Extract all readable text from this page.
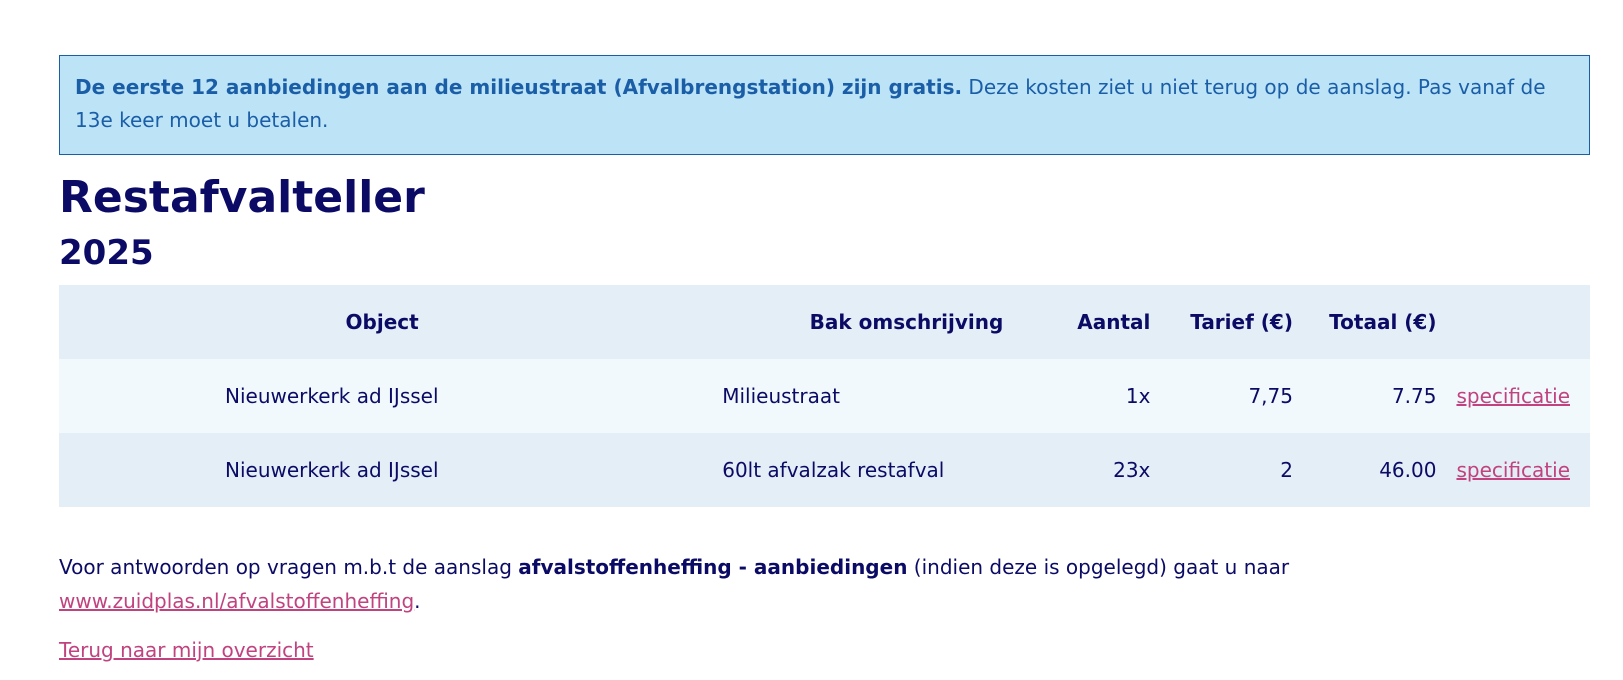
De eerste 12 aanbiedingen aan de milieustraat (Afvalbrengstation) zijn gratis. Deze kosten ziet u niet terug op de aanslag. Pas vanaf de 13e keer moet u betalen.
Restafvalteller
2025
Object	Bak omschrijving	Aantal	Tarief (€)	Totaal (€)	
Nieuwerkerk ad IJssel	Milieustraat	1x	7,75	7.75	specificatie
Nieuwerkerk ad IJssel	60lt afvalzak restafval	23x	2	46.00	specificatie
Voor antwoorden op vragen m.b.t de aanslag afvalstoffenheffing - aanbiedingen (indien deze is opgelegd) gaat u naar
www.zuidplas.nl/afvalstoffenheffing.
Terug naar mijn overzicht
